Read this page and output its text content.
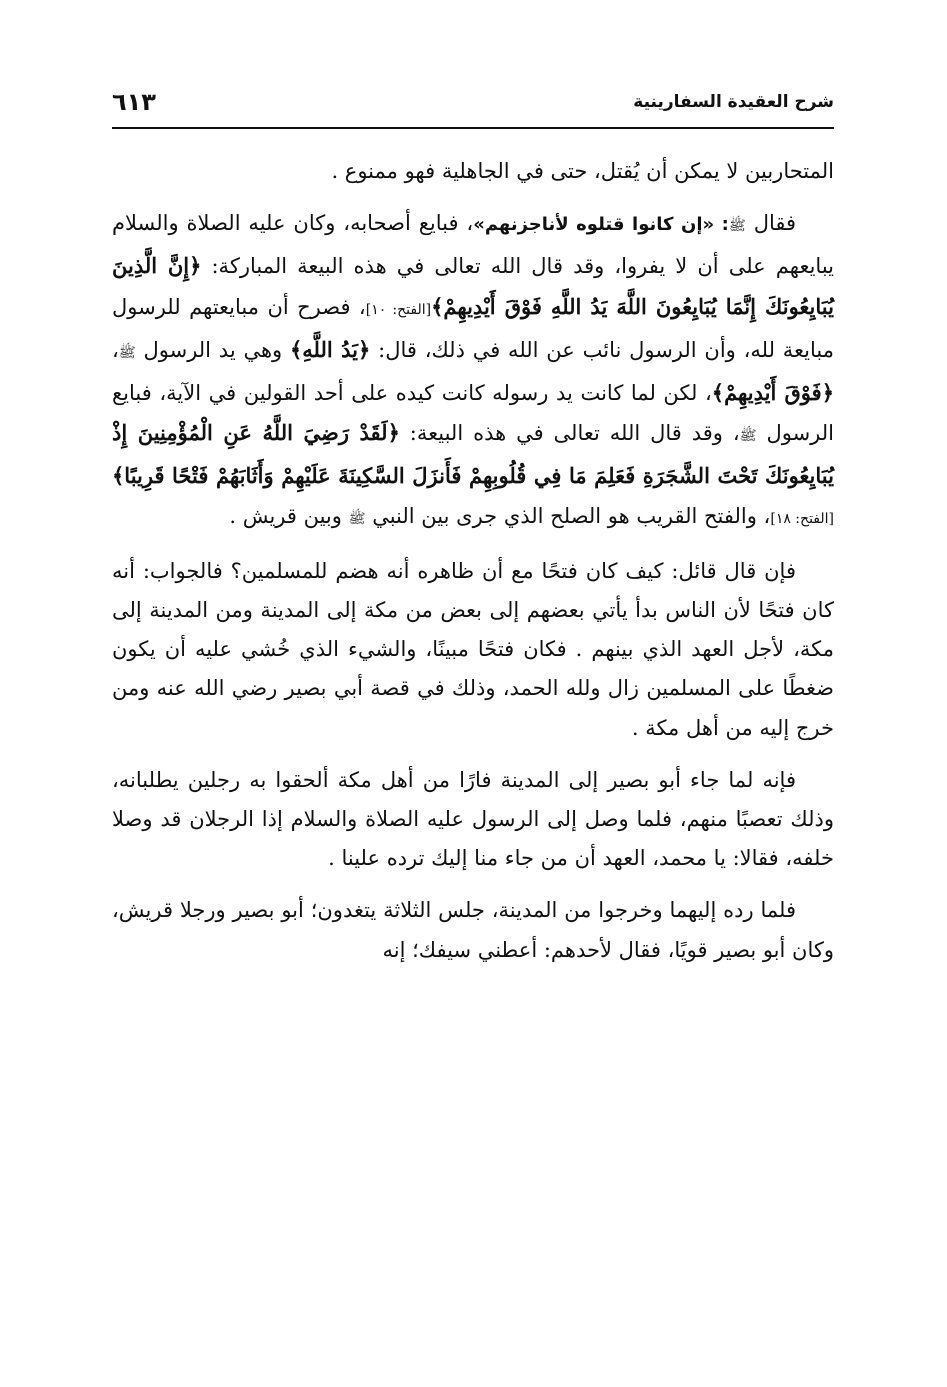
شرح العقيدة السفارينية
٦١٣

المتحاربين لا يمكن أن يُقتل، حتى في الجاهلية فهو ممنوع .

فقال ﷺ: «إن كانوا قتلوه لأناجزنهم»، فبايع أصحابه، وكان عليه الصلاة والسلام يبايعهم على أن لا يفروا، وقد قال الله تعالى في هذه البيعة المباركة: ﴿إِنَّ الَّذِينَ يُبَايِعُونَكَ إِنَّمَا يُبَايِعُونَ اللَّهَ يَدُ اللَّهِ فَوْقَ أَيْدِيهِمْ﴾[الفتح: ١٠]، فصرح أن مبايعتهم للرسول مبايعة لله، وأن الرسول نائب عن الله في ذلك، قال: ﴿يَدُ اللَّهِ﴾ وهي يد الرسول ﷺ، ﴿فَوْقَ أَيْدِيهِمْ﴾، لكن لما كانت يد رسوله كانت كيده على أحد القولين في الآية، فبايع الرسول ﷺ، وقد قال الله تعالى في هذه البيعة: ﴿لَقَدْ رَضِيَ اللَّهُ عَنِ الْمُؤْمِنِينَ إِذْ يُبَايِعُونَكَ تَحْتَ الشَّجَرَةِ فَعَلِمَ مَا فِي قُلُوبِهِمْ فَأَنزَلَ السَّكِينَةَ عَلَيْهِمْ وَأَثَابَهُمْ فَتْحًا قَرِيبًا﴾[الفتح: ١٨]، والفتح القريب هو الصلح الذي جرى بين النبي ﷺ وبين قريش .

فإن قال قائل: كيف كان فتحًا مع أن ظاهره أنه هضم للمسلمين؟ فالجواب: أنه كان فتحًا لأن الناس بدأ يأتي بعضهم إلى بعض من مكة إلى المدينة ومن المدينة إلى مكة، لأجل العهد الذي بينهم . فكان فتحًا مبينًا، والشيء الذي خُشي عليه أن يكون ضغطًا على المسلمين زال ولله الحمد، وذلك في قصة أبي بصير رضي الله عنه ومن خرج إليه من أهل مكة .

فإنه لما جاء أبو بصير إلى المدينة فارًا من أهل مكة ألحقوا به رجلين يطلبانه، وذلك تعصبًا منهم، فلما وصل إلى الرسول عليه الصلاة والسلام إذا الرجلان قد وصلا خلفه، فقالا: يا محمد، العهد أن من جاء منا إليك ترده علينا .

فلما رده إليهما وخرجوا من المدينة، جلس الثلاثة يتغدون؛ أبو بصير ورجلا قريش، وكان أبو بصير قويًا، فقال لأحدهم: أعطني سيفك؛ إنه
